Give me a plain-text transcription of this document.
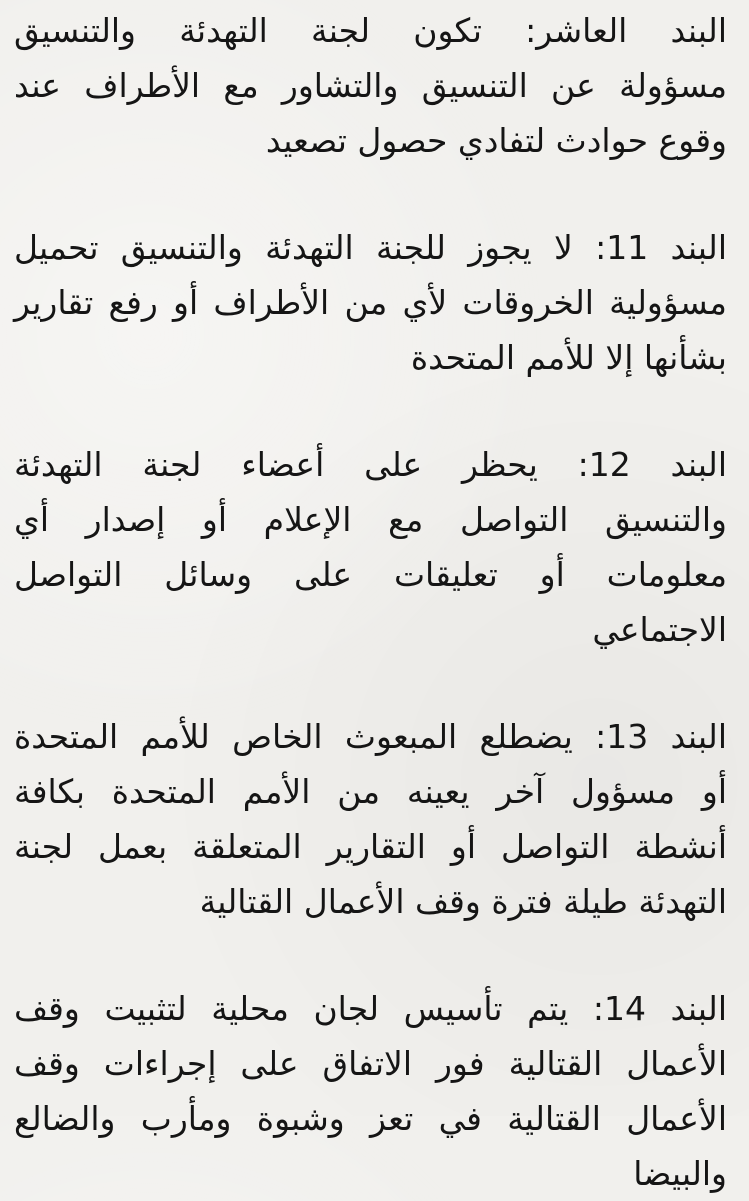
البند العاشر: تكون لجنة التهدئة والتنسيق
مسؤولة عن التنسيق والتشاور مع الأطراف عند
وقوع حوادث لتفادي حصول تصعيد
البند 11: لا يجوز للجنة التهدئة والتنسيق تحميل
مسؤولية الخروقات لأي من الأطراف أو رفع تقارير
بشأنها إلا للأمم المتحدة
البند 12: يحظر على أعضاء لجنة التهدئة
والتنسيق التواصل مع الإعلام أو إصدار أي
معلومات أو تعليقات على وسائل التواصل
الاجتماعي
البند 13: يضطلع المبعوث الخاص للأمم المتحدة
أو مسؤول آخر يعينه من الأمم المتحدة بكافة
أنشطة التواصل أو التقارير المتعلقة بعمل لجنة
التهدئة طيلة فترة وقف الأعمال القتالية
البند 14: يتم تأسيس لجان محلية لتثبيت وقف
الأعمال القتالية فور الاتفاق على إجراءات وقف
الأعمال القتالية في تعز وشبوة ومأرب والضالع
والبيضا
